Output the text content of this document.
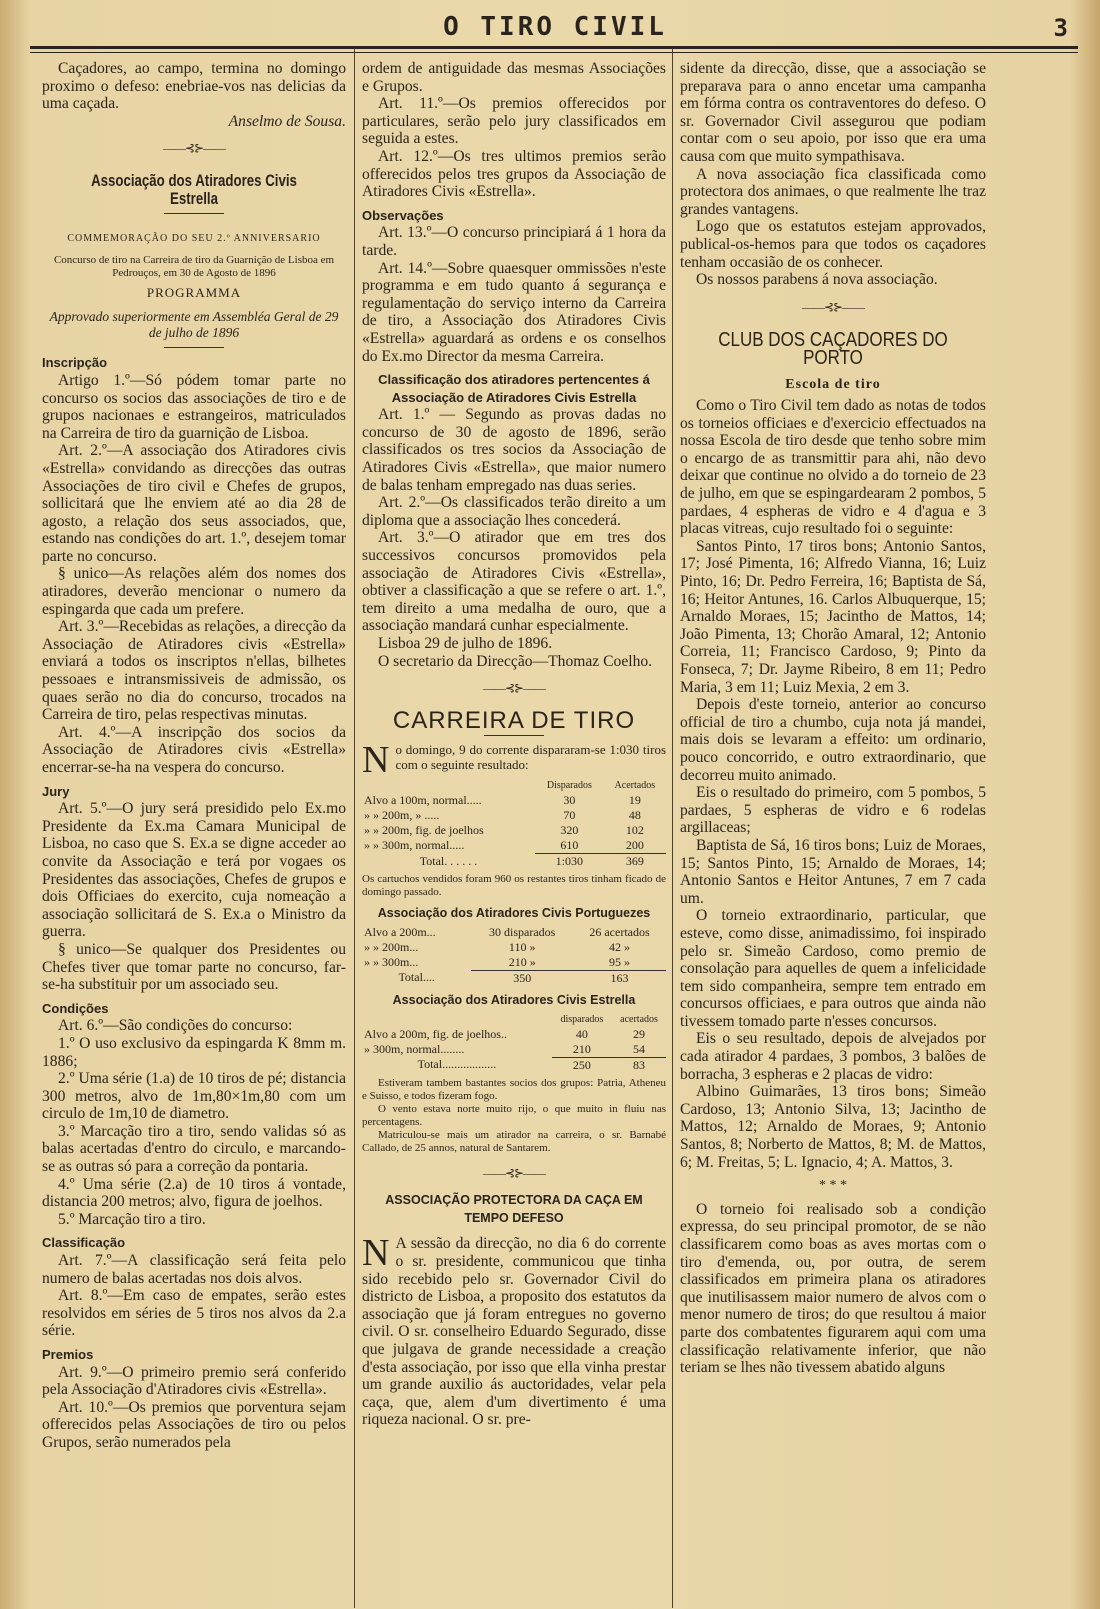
O TIRO CIVIL	3

Caçadores, ao campo, termina no domingo proximo o defeso: enebriae-vos nas delicias da uma caçada.

Anselmo de Sousa.

——⊰⊱——
Associação dos Atiradores Civis Estrella
COMMEMORAÇÃO DO SEU 2.º ANNIVERSARIO

Concurso de tiro na Carreira de tiro da Guarnição de Lisboa em Pedrouços, em 30 de Agosto de 1896

PROGRAMMA

Approvado superiormente em Assembléa Geral de 29 de julho de 1896

Inscripção

Artigo 1.º—Só pódem tomar parte no concurso os socios das associações de tiro e de grupos nacionaes e estrangeiros, matriculados na Carreira de tiro da guarnição de Lisboa.

Art. 2.º—A associação dos Atiradores civis «Estrella» convidando as direcções das outras Associações de tiro civil e Chefes de grupos, sollicitará que lhe enviem até ao dia 28 de agosto, a relação dos seus associados, que, estando nas condições do art. 1.º, desejem tomar parte no concurso.

§ unico—As relações além dos nomes dos atiradores, deverão mencionar o numero da espingarda que cada um prefere.

Art. 3.º—Recebidas as relações, a direcção da Associação de Atiradores civis «Estrella» enviará a todos os inscriptos n'ellas, bilhetes pessoaes e intransmissiveis de admissão, os quaes serão no dia do concurso, trocados na Carreira de tiro, pelas respectivas minutas.

Art. 4.º—A inscripção dos socios da Associação de Atiradores civis «Estrella» encerrar-se-ha na vespera do concurso.

Jury

Art. 5.º—O jury será presidido pelo Ex.mo Presidente da Ex.ma Camara Municipal de Lisboa, no caso que S. Ex.a se digne acceder ao convite da Associação e terá por vogaes os Presidentes das associações, Chefes de grupos e dois Officiaes do exercito, cuja nomeação a associação sollicitará de S. Ex.a o Ministro da guerra.

§ unico—Se qualquer dos Presidentes ou Chefes tiver que tomar parte no concurso, far-se-ha substituir por um associado seu.

Condições

Art. 6.º—São condições do concurso:

1.º O uso exclusivo da espingarda K 8mm m. 1886;

2.º Uma série (1.a) de 10 tiros de pé; distancia 300 metros, alvo de 1m,80×1m,80 com um circulo de 1m,10 de diametro.

3.º Marcação tiro a tiro, sendo validas só as balas acertadas d'entro do circulo, e marcando-se as outras só para a correção da pontaria.

4.º Uma série (2.a) de 10 tiros á vontade, distancia 200 metros; alvo, figura de joelhos.

5.º Marcação tiro a tiro.

Classificação

Art. 7.º—A classificação será feita pelo numero de balas acertadas nos dois alvos.

Art. 8.º—Em caso de empates, serão estes resolvidos em séries de 5 tiros nos alvos da 2.a série.

Premios

Art. 9.º—O primeiro premio será conferido pela Associação d'Atiradores civis «Estrella».

Art. 10.º—Os premios que porventura sejam offerecidos pelas Associações de tiro ou pelos Grupos, serão numerados pela

ordem de antiguidade das mesmas Associações e Grupos.

Art. 11.º—Os premios offerecidos por particulares, serão pelo jury classificados em seguida a estes.

Art. 12.º—Os tres ultimos premios serão offerecidos pelos tres grupos da Associação de Atiradores Civis «Estrella».

Observações

Art. 13.º—O concurso principiará á 1 hora da tarde.

Art. 14.º—Sobre quaesquer ommissões n'este programma e em tudo quanto á segurança e regulamentação do serviço interno da Carreira de tiro, a Associação dos Atiradores Civis «Estrella» aguardará as ordens e os conselhos do Ex.mo Director da mesma Carreira.

Classificação dos atiradores pertencentes á Associação de Atiradores Civis Estrella

Art. 1.º — Segundo as provas dadas no concurso de 30 de agosto de 1896, serão classificados os tres socios da Associação de Atiradores Civis «Estrella», que maior numero de balas tenham empregado nas duas series.

Art. 2.º—Os classificados terão direito a um diploma que a associação lhes concederá.

Art. 3.º—O atirador que em tres dos successivos concursos promovidos pela associação de Atiradores Civis «Estrella», obtiver a classificação a que se refere o art. 1.º, tem direito a uma medalha de ouro, que a associação mandará cunhar especialmente.

Lisboa 29 de julho de 1896.

O secretario da Direcção—Thomaz Coelho.

——⊰⊱——
CARREIRA DE TIRO

No domingo, 9 do corrente dispararam-se 1:030 tiros com o seguinte resultado:

	Disparados	Acertados
Alvo a 100m, normal.....	30	19
» » 200m, » .....	70	48
» » 200m, fig. de joelhos	320	102
» » 300m, normal.....	610	200
Total. . . . . .	1:030	369

Os cartuchos vendidos foram 960 os restantes tiros tinham ficado de domingo passado.

Associação dos Atiradores Civis Portuguezes
Alvo a 200m...	30 disparados	26 acertados
» » 200m...	110 »	42 »
» » 300m...	210 »	95 »
Total....	350	163
Associação dos Atiradores Civis Estrella
	disparados	acertados
Alvo a 200m, fig. de joelhos..	40	29
» 300m, normal........	210	54
Total..................	250	83

Estiveram tambem bastantes socios dos grupos: Patria, Atheneu e Suisso, e todos fizeram fogo.

O vento estava norte muito rijo, o que muito in fluiu nas percentagens.

Matriculou-se mais um atirador na carreira, o sr. Barnabé Callado, de 25 annos, natural de Santarem.

——⊰⊱——
ASSOCIAÇÃO PROTECTORA DA CAÇA EM TEMPO DEFESO

N A sessão da direcção, no dia 6 do corrente o sr. presidente, communicou que tinha sido recebido pelo sr. Governador Civil do districto de Lisboa, a proposito dos estatutos da associação que já foram entregues no governo civil. O sr. conselheiro Eduardo Segurado, disse que julgava de grande necessidade a creação d'esta associação, por isso que ella vinha prestar um grande auxilio ás auctoridades, velar pela caça, que, alem d'um divertimento é uma riqueza nacional. O sr. pre-

sidente da direcção, disse, que a associação se preparava para o anno encetar uma campanha em fórma contra os contraventores do defeso. O sr. Governador Civil assegurou que podiam contar com o seu apoio, por isso que era uma causa com que muito sympathisava.

A nova associação fica classificada como protectora dos animaes, o que realmente lhe traz grandes vantagens.

Logo que os estatutos estejam approvados, publical-os-hemos para que todos os caçadores tenham occasião de os conhecer.

Os nossos parabens á nova associação.

——⊰⊱——
CLUB DOS CAÇADORES DO PORTO
Escola de tiro

Como o Tiro Civil tem dado as notas de todos os torneios officiaes e d'exercicio effectuados na nossa Escola de tiro desde que tenho sobre mim o encargo de as transmittir para ahi, não devo deixar que continue no olvido a do torneio de 23 de julho, em que se espingardearam 2 pombos, 5 pardaes, 4 espheras de vidro e 4 d'agua e 3 placas vitreas, cujo resultado foi o seguinte:

Santos Pinto, 17 tiros bons; Antonio Santos, 17; José Pimenta, 16; Alfredo Vianna, 16; Luiz Pinto, 16; Dr. Pedro Ferreira, 16; Baptista de Sá, 16; Heitor Antunes, 16. Carlos Albuquerque, 15; Arnaldo Moraes, 15; Jacintho de Mattos, 14; João Pimenta, 13; Chorão Amaral, 12; Antonio Correia, 11; Francisco Cardoso, 9; Pinto da Fonseca, 7; Dr. Jayme Ribeiro, 8 em 11; Pedro Maria, 3 em 11; Luiz Mexia, 2 em 3.

Depois d'este torneio, anterior ao concurso official de tiro a chumbo, cuja nota já mandei, mais dois se levaram a effeito: um ordinario, pouco concorrido, e outro extraordinario, que decorreu muito animado.

Eis o resultado do primeiro, com 5 pombos, 5 pardaes, 5 espheras de vidro e 6 rodelas argillaceas;

Baptista de Sá, 16 tiros bons; Luiz de Moraes, 15; Santos Pinto, 15; Arnaldo de Moraes, 14; Antonio Santos e Heitor Antunes, 7 em 7 cada um.

O torneio extraordinario, particular, que esteve, como disse, animadissimo, foi inspirado pelo sr. Simeão Cardoso, como premio de consolação para aquelles de quem a infelicidade tem sido companheira, sempre tem entrado em concursos officiaes, e para outros que ainda não tivessem tomado parte n'esses concursos.

Eis o seu resultado, depois de alvejados por cada atirador 4 pardaes, 3 pombos, 3 balões de borracha, 3 espheras e 2 placas de vidro:

Albino Guimarães, 13 tiros bons; Simeão Cardoso, 13; Antonio Silva, 13; Jacintho de Mattos, 12; Arnaldo de Moraes, 9; Antonio Santos, 8; Norberto de Mattos, 8; M. de Mattos, 6; M. Freitas, 5; L. Ignacio, 4; A. Mattos, 3.

* * *

O torneio foi realisado sob a condição expressa, do seu principal promotor, de se não classificarem como boas as aves mortas com o tiro d'emenda, ou, por outra, de serem classificados em primeira plana os atiradores que inutilisassem maior numero de alvos com o menor numero de tiros; do que resultou á maior parte dos combatentes figurarem aqui com uma classificação relativamente inferior, que não teriam se lhes não tivessem abatido alguns
